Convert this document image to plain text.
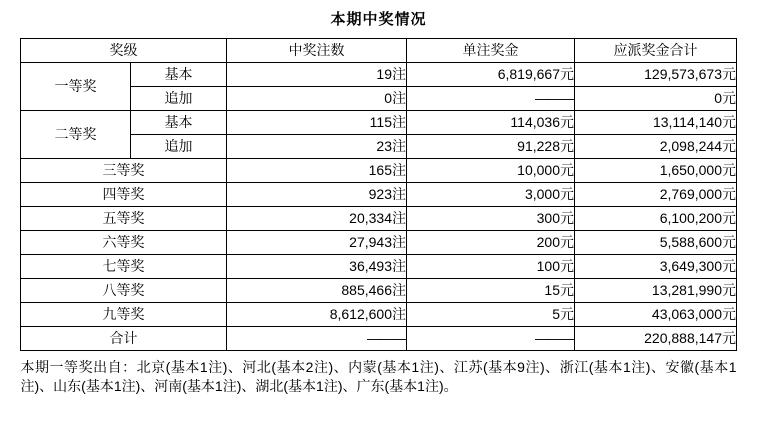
本期中奖情况
奖级		中奖注数	单注奖金	应派奖金合计
一等奖	基本	19注	6,819,667元	129,573,673元
	追加	0注	———	0元
二等奖	基本	115注	114,036元	13,114,140元
	追加	23注	91,228元	2,098,244元
三等奖		165注	10,000元	1,650,000元
四等奖		923注	3,000元	2,769,000元
五等奖		20,334注	300元	6,100,200元
六等奖		27,943注	200元	5,588,600元
七等奖		36,493注	100元	3,649,300元
八等奖		885,466注	15元	13,281,990元
九等奖		8,612,600注	5元	43,063,000元
合计		———	———	220,888,147元
本期一等奖出自：北京(基本1注)、河北(基本2注)、内蒙(基本1注)、江苏(基本9注)、浙江(基本1注)、安徽(基本1注)、山东(基本1注)、河南(基本1注)、湖北(基本1注)、广东(基本1注)。
